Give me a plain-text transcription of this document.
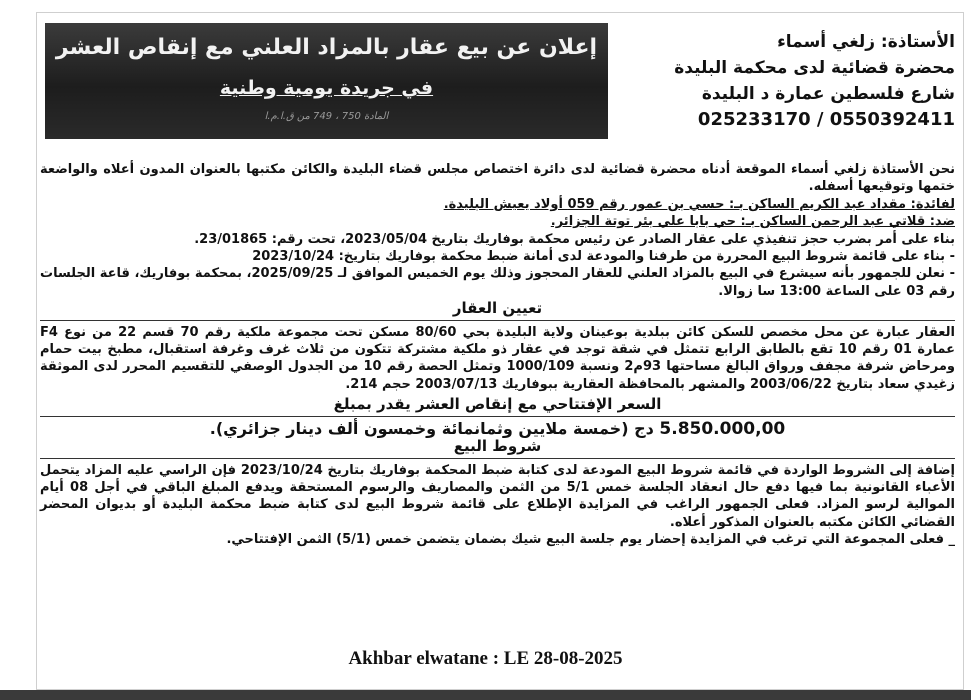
إعلان عن بيع عقار بالمزاد العلني مع إنقاص العشر
في جريدة يومية وطنية
المادة 750 ، 749 من ق.ا.م.ا
الأستاذة: زلغي أسماء
محضرة قضائية لدى محكمة البليدة
شارع فلسطين عمارة د البليدة
025233170 / 0550392411

نحن الأستاذة زلغي أسماء الموقعة أدناه محضرة قضائية لدى دائرة اختصاص مجلس قضاء البليدة والكائن مكتبها بالعنوان المدون أعلاه والواضعة ختمها وتوقيعها أسفله.

لفائدة: مقداد عبد الكريم الساكن بـ: حسي بن عمور رقم 059 أولاد يعيش البليدة.

ضد: قلاتي عبد الرحمن الساكن بـ: حي بابا علي بئر توتة الجزائر.

بناء على أمر بضرب حجز تنفيذي على عقار الصادر عن رئيس محكمة بوفاريك بتاريخ 2023/05/04، تحت رقم: 23/01865.

- بناء على قائمة شروط البيع المحررة من طرفنا والمودعة لدى أمانة ضبط محكمة بوفاريك بتاريخ: 2023/10/24

- نعلن للجمهور بأنه سيشرع في البيع بالمزاد العلني للعقار المحجوز وذلك يوم الخميس الموافق لـ 2025/09/25، بمحكمة بوفاريك، قاعة الجلسات رقم 03 على الساعة 13:00 سا زوالا.

تعيين العقار

العقار عبارة عن محل مخصص للسكن كائن ببلدية بوعينان ولاية البليدة بحي 80/60 مسكن تحت مجموعة ملكية رقم 70 قسم 22 من نوع F4 عمارة 01 رقم 10 تقع بالطابق الرابع تتمثل في شقة توجد في عقار ذو ملكية مشتركة تتكون من ثلاث غرف وغرفة استقبال، مطبخ بيت حمام ومرحاض شرفة مجفف ورواق البالغ مساحتها 93م2 ونسبة 1000/109 وتمثل الحصة رقم 10 من الجدول الوصفي للتقسيم المحرر لدى الموثقة زغيدي سعاد بتاريخ 2003/06/22 والمشهر بالمحافظة العقارية ببوفاريك 2003/07/13 حجم 214.

السعر الإفتتاحي مع إنقاص العشر يقدر بمبلغ

5.850.000,00 دج (خمسة ملايين وثمانمائة وخمسون ألف دينار جزائري).

شروط البيع

إضافة إلى الشروط الواردة في قائمة شروط البيع المودعة لدى كتابة ضبط المحكمة بوفاريك بتاريخ 2023/10/24 فإن الراسي عليه المزاد يتحمل الأعباء القانونية بما فيها دفع حال انعقاد الجلسة خمس 5/1 من الثمن والمصاريف والرسوم المستحقة ويدفع المبلغ الباقي في أجل 08 أيام الموالية لرسو المزاد. فعلى الجمهور الراغب في المزايدة الإطلاع على قائمة شروط البيع لدى كتابة ضبط محكمة البليدة أو بديوان المحضر القضائي الكائن مكتبه بالعنوان المذكور أعلاه.

_ فعلى المجموعة التي ترغب في المزايدة إحضار يوم جلسة البيع شيك بضمان يتضمن خمس (5/1) الثمن الإفتتاحي.

Akhbar elwatane : LE 28-08-2025
